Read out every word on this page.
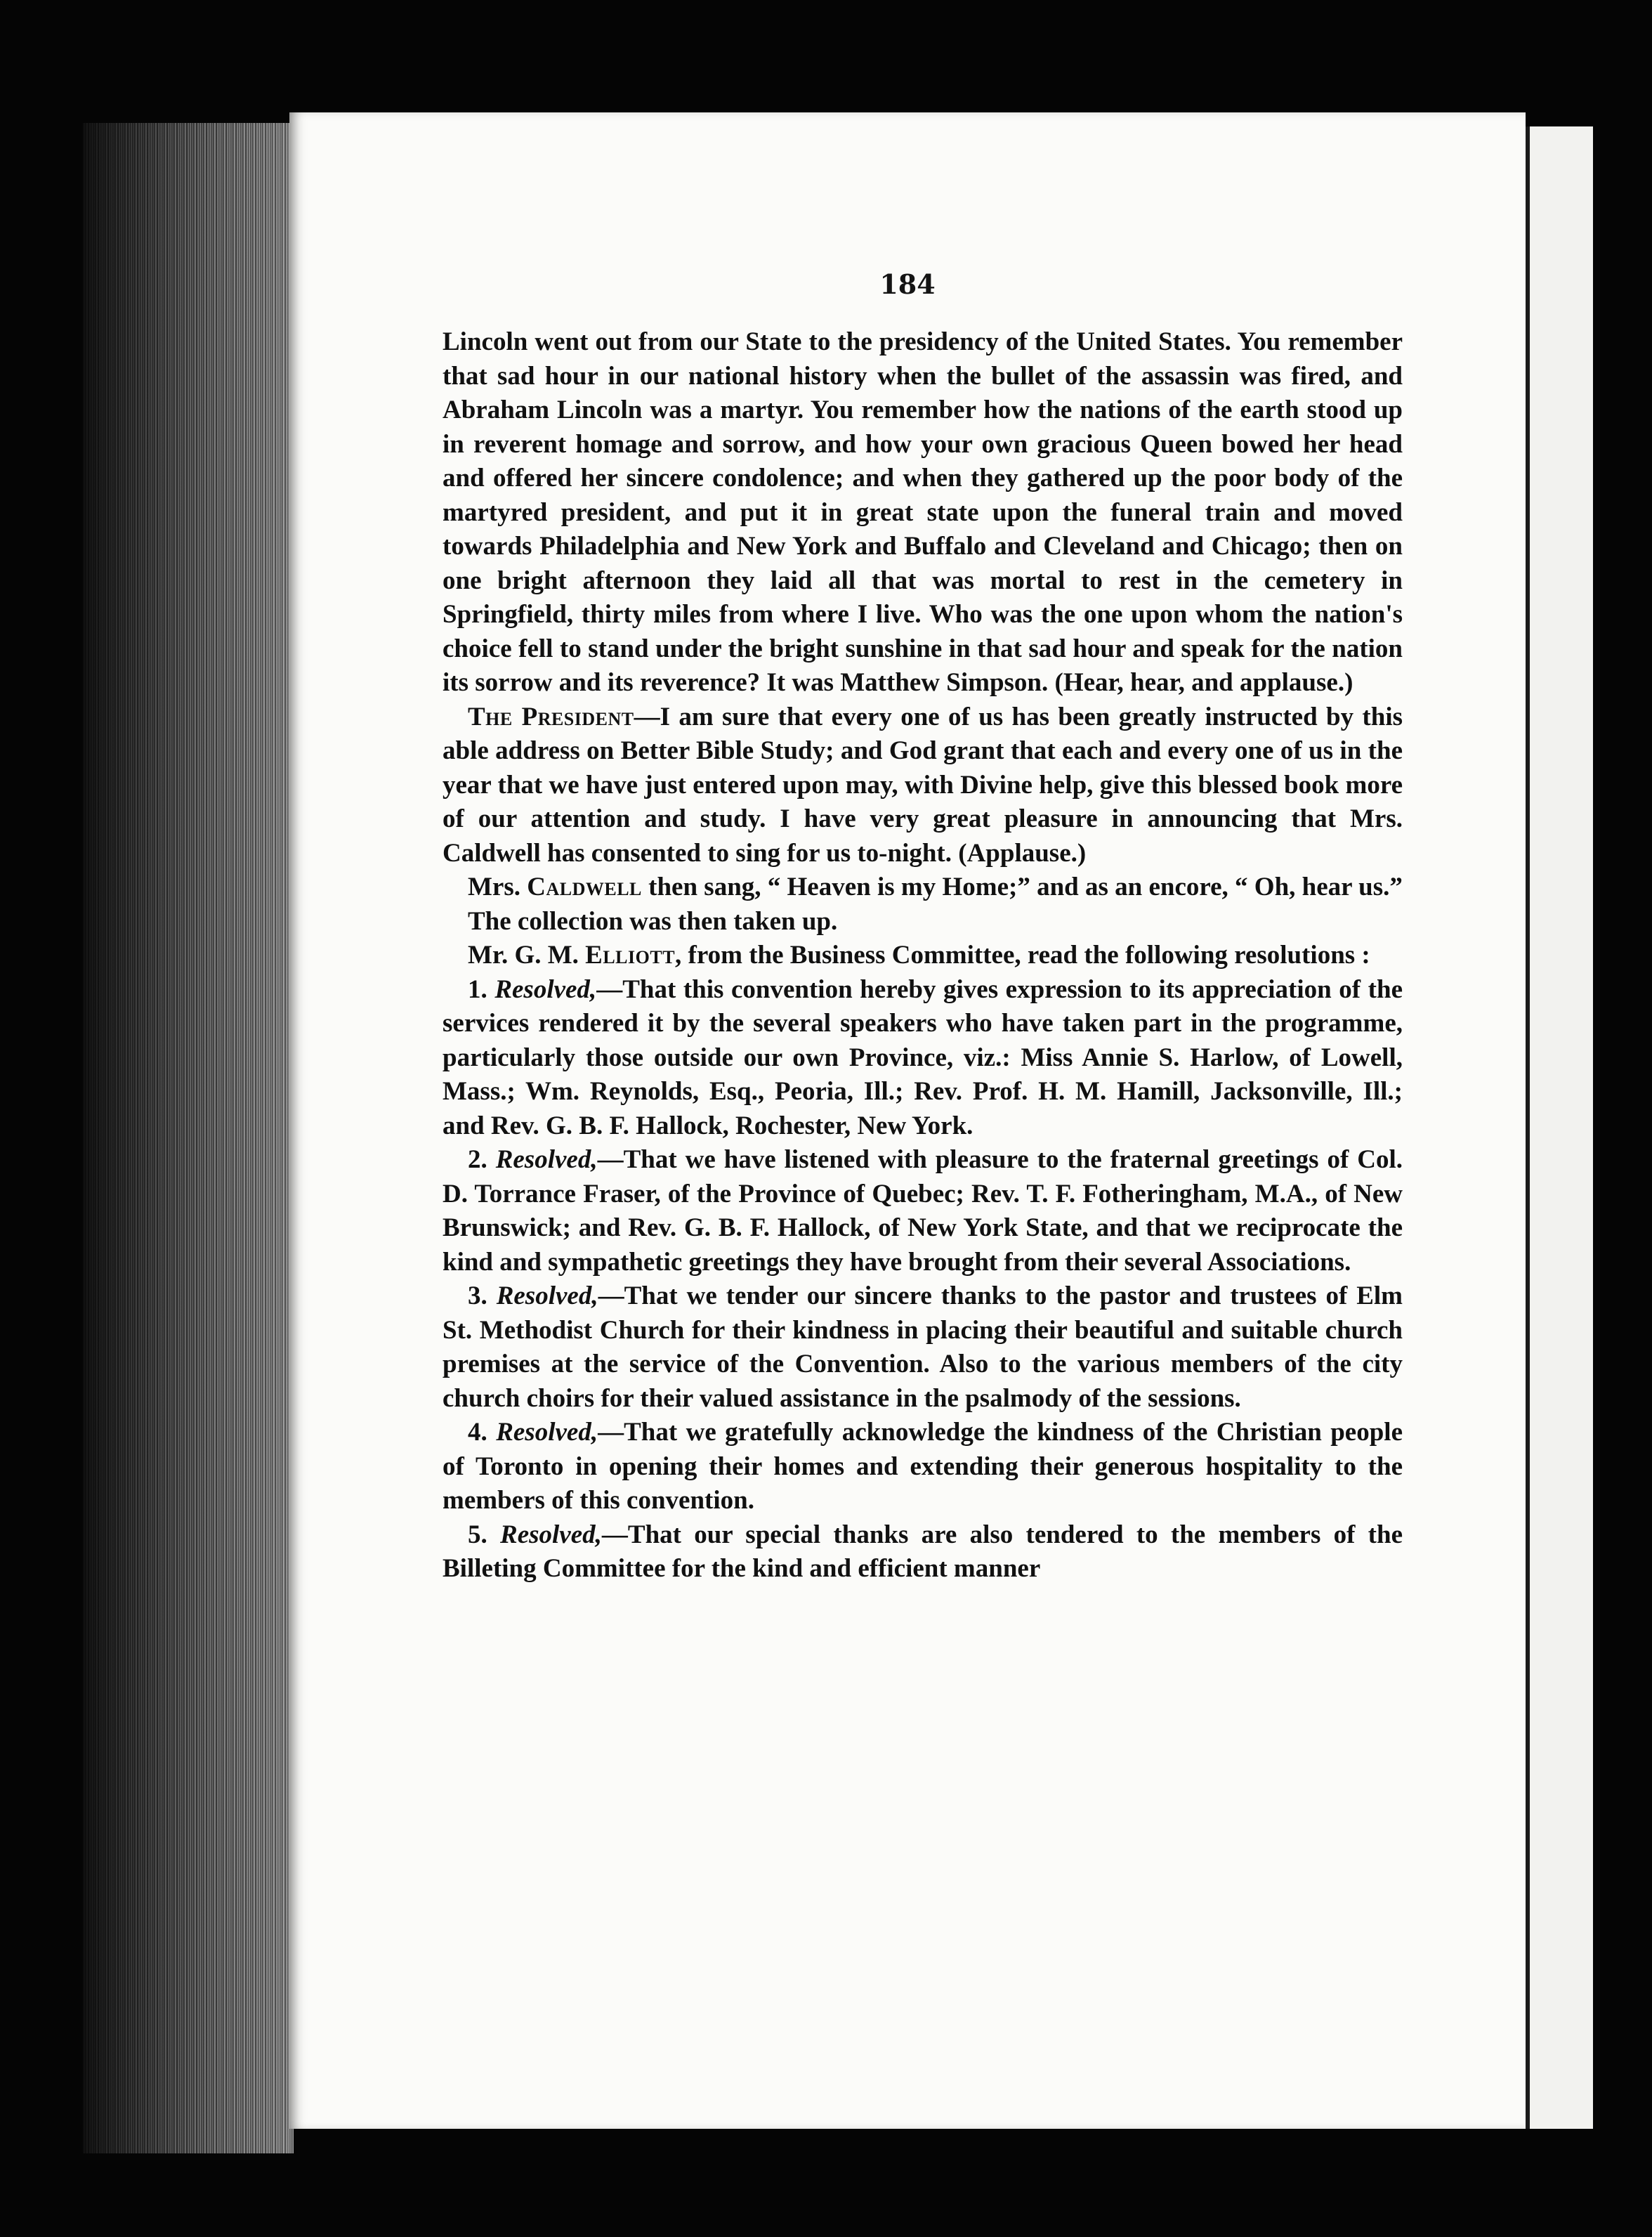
184

Lincoln went out from our State to the presidency of the United States. You remember that sad hour in our national history when the bullet of the assassin was fired, and Abraham Lincoln was a martyr. You remember how the nations of the earth stood up in reverent homage and sorrow, and how your own gracious Queen bowed her head and offered her sincere condolence; and when they gathered up the poor body of the martyred president, and put it in great state upon the funeral train and moved towards Philadelphia and New York and Buffalo and Cleveland and Chicago; then on one bright afternoon they laid all that was mortal to rest in the cemetery in Springfield, thirty miles from where I live. Who was the one upon whom the nation's choice fell to stand under the bright sunshine in that sad hour and speak for the nation its sorrow and its reverence? It was Matthew Simpson. (Hear, hear, and applause.)

The President—I am sure that every one of us has been greatly instructed by this able address on Better Bible Study; and God grant that each and every one of us in the year that we have just entered upon may, with Divine help, give this blessed book more of our attention and study. I have very great pleasure in announcing that Mrs. Caldwell has consented to sing for us to-night. (Applause.)

Mrs. Caldwell then sang, “ Heaven is my Home;” and as an encore, “ Oh, hear us.”

The collection was then taken up.

Mr. G. M. Elliott, from the Business Committee, read the following resolutions :

1. Resolved,—That this convention hereby gives expression to its appreciation of the services rendered it by the several speakers who have taken part in the programme, particularly those outside our own Province, viz.: Miss Annie S. Harlow, of Lowell, Mass.; Wm. Reynolds, Esq., Peoria, Ill.; Rev. Prof. H. M. Hamill, Jacksonville, Ill.; and Rev. G. B. F. Hallock, Rochester, New York.

2. Resolved,—That we have listened with pleasure to the fraternal greetings of Col. D. Torrance Fraser, of the Province of Quebec; Rev. T. F. Fotheringham, M.A., of New Brunswick; and Rev. G. B. F. Hallock, of New York State, and that we reciprocate the kind and sympathetic greetings they have brought from their several Associations.

3. Resolved,—That we tender our sincere thanks to the pastor and trustees of Elm St. Methodist Church for their kindness in placing their beautiful and suitable church premises at the service of the Convention. Also to the various members of the city church choirs for their valued assistance in the psalmody of the sessions.

4. Resolved,—That we gratefully acknowledge the kindness of the Christian people of Toronto in opening their homes and extending their generous hospitality to the members of this convention.

5. Resolved,—That our special thanks are also tendered to the members of the Billeting Committee for the kind and efficient manner
